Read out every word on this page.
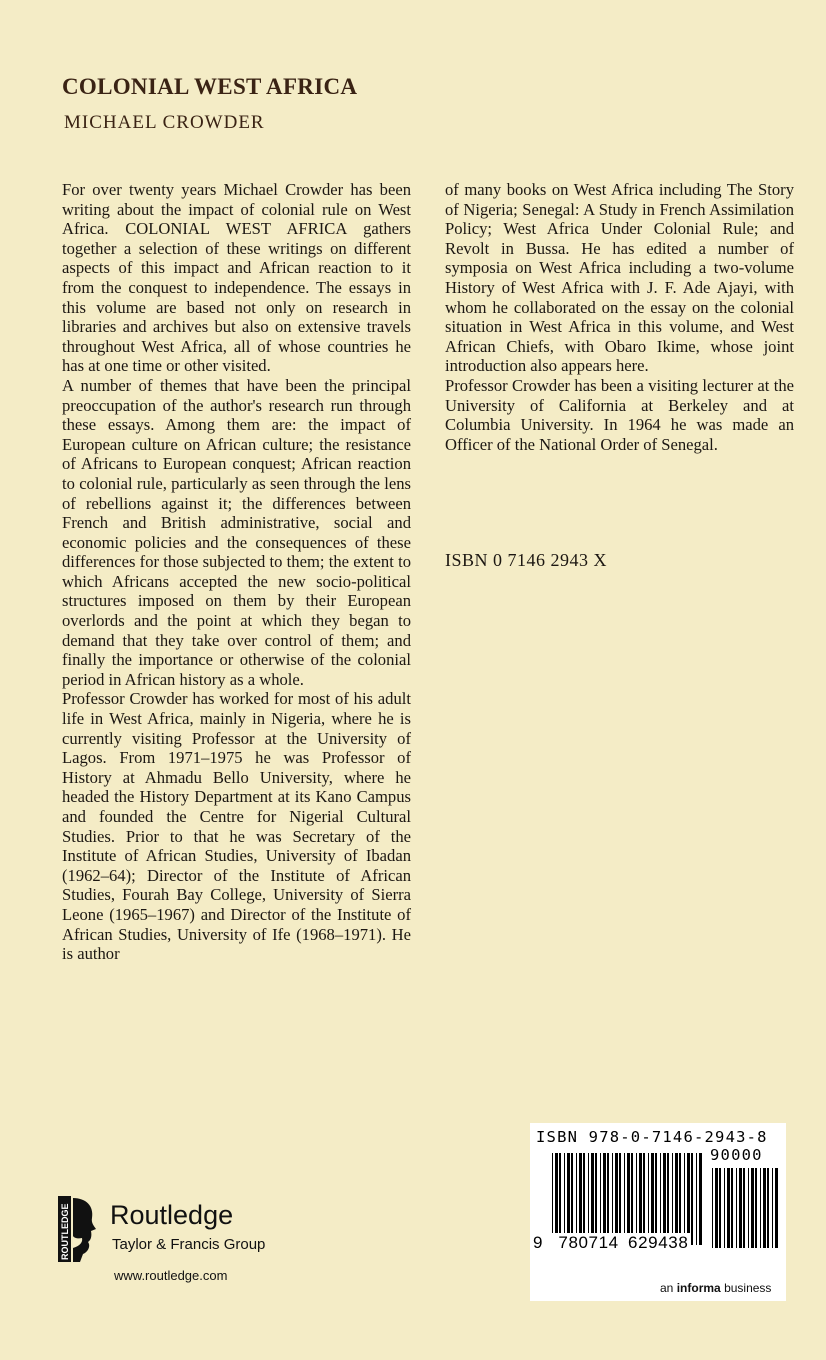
COLONIAL WEST AFRICA
MICHAEL CROWDER

For over twenty years Michael Crowder has been writing about the impact of colonial rule on West Africa. COLONIAL WEST AFRICA gathers together a selection of these writings on different aspects of this impact and African reaction to it from the conquest to independence. The essays in this volume are based not only on research in libraries and archives but also on extensive travels throughout West Africa, all of whose countries he has at one time or other visited.

A number of themes that have been the principal preoccupation of the author's research run through these essays. Among them are: the impact of European culture on African culture; the resistance of Africans to European conquest; African reaction to colonial rule, particularly as seen through the lens of rebellions against it; the differences between French and British administrative, social and economic policies and the consequences of these differences for those subjected to them; the extent to which Africans accepted the new socio-political structures imposed on them by their European overlords and the point at which they began to demand that they take over control of them; and finally the importance or otherwise of the colonial period in African history as a whole.

Professor Crowder has worked for most of his adult life in West Africa, mainly in Nigeria, where he is currently visiting Professor at the University of Lagos. From 1971–1975 he was Professor of History at Ahmadu Bello University, where he headed the History Department at its Kano Campus and founded the Centre for Nigerial Cultural Studies. Prior to that he was Secretary of the Institute of African Studies, University of Ibadan (1962–64); Director of the Institute of African Studies, Fourah Bay College, University of Sierra Leone (1965–1967) and Director of the Institute of African Studies, University of Ife (1968–1971). He is author

of many books on West Africa including The Story of Nigeria; Senegal: A Study in French Assimilation Policy; West Africa Under Colonial Rule; and Revolt in Bussa. He has edited a number of symposia on West Africa including a two-volume History of West Africa with J. F. Ade Ajayi, with whom he collaborated on the essay on the colonial situation in West Africa in this volume, and West African Chiefs, with Obaro Ikime, whose joint introduction also appears here.

Professor Crowder has been a visiting lecturer at the University of California at Berkeley and at Columbia University. In 1964 he was made an Officer of the National Order of Senegal.

ISBN 0 7146 2943 X
ROUTLEDGE Routledge
Taylor & Francis Group
www.routledge.com
ISBN 978-0-7146-2943-8
90000
9 780714 629438
an informa business
